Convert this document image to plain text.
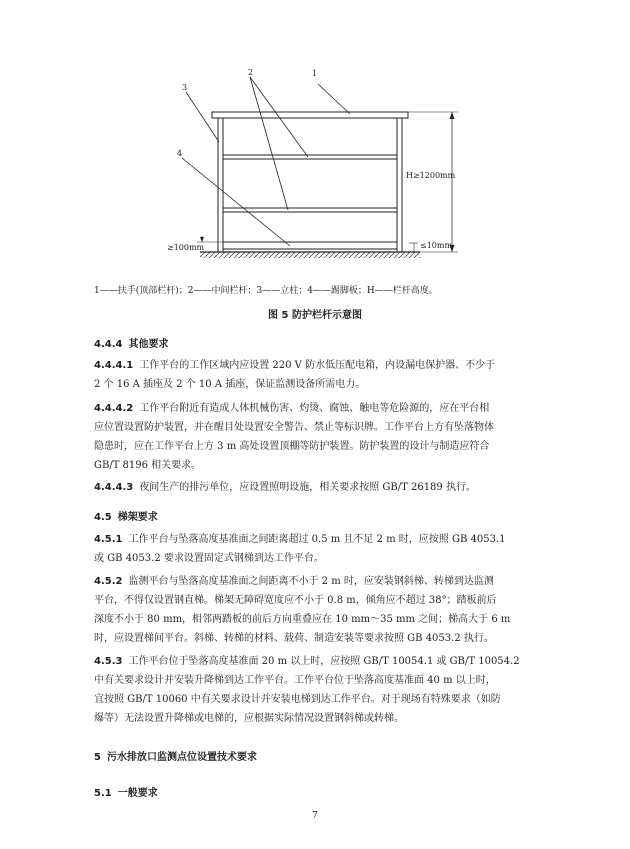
1
2
3
4
H≥1200mm
≥100mm	≤10mm
1——扶手(顶部栏杆)；2——中间栏杆；3——立柱；4——踢脚板；H——栏杆高度。
图 5 防护栏杆示意图
4.4.4 其他要求
4.4.4.1 工作平台的工作区域内应设置 220 V 防水低压配电箱，内设漏电保护器、不少于
2 个 16 A 插座及 2 个 10 A 插座，保证监测设备所需电力。
4.4.4.2 工作平台附近有造成人体机械伤害、灼烫、腐蚀、触电等危险源的，应在平台相
应位置设置防护装置，并在醒目处设置安全警告、禁止等标识牌。工作平台上方有坠落物体
隐患时，应在工作平台上方 3 m 高处设置顶棚等防护装置。防护装置的设计与制造应符合
GB/T 8196 相关要求。
4.4.4.3 夜间生产的排污单位，应设置照明设施，相关要求按照 GB/T 26189 执行。
4.5 梯架要求
4.5.1 工作平台与坠落高度基准面之间距离超过 0.5 m 且不足 2 m 时，应按照 GB 4053.1
或 GB 4053.2 要求设置固定式钢梯到达工作平台。
4.5.2 监测平台与坠落高度基准面之间距离不小于 2 m 时，应安装钢斜梯、转梯到达监测
平台，不得仅设置钢直梯。梯架无障碍宽度应不小于 0.8 m，倾角应不超过 38°；踏板前后
深度不小于 80 mm，相邻两踏板的前后方向重叠应在 10 mm～35 mm 之间；梯高大于 6 m
时，应设置梯间平台。斜梯、转梯的材料、载荷、制造安装等要求按照 GB 4053.2 执行。
4.5.3 工作平台位于坠落高度基准面 20 m 以上时，应按照 GB/T 10054.1 或 GB/T 10054.2
中有关要求设计并安装升降梯到达工作平台。工作平台位于坠落高度基准面 40 m 以上时，
宜按照 GB/T 10060 中有关要求设计并安装电梯到达工作平台。对于现场有特殊要求（如防
爆等）无法设置升降梯或电梯的，应根据实际情况设置钢斜梯或转梯。
5 污水排放口监测点位设置技术要求
5.1 一般要求
7
